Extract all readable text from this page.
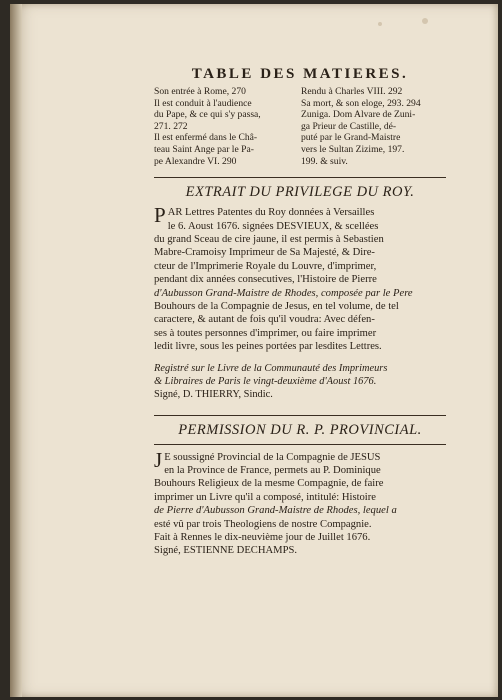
TABLE DES MATIERES.
Son entrée à Rome, 270
Il est conduit à l'audience
du Pape, & ce qui s'y passa,
271. 272
Il est enfermé dans le Châ-
teau Saint Ange par le Pa-
pe Alexandre VI. 290
Rendu à Charles VIII. 292
Sa mort, & son eloge, 293. 294
Zuniga. Dom Alvare de Zuni-
ga Prieur de Castille, dé-
puté par le Grand-Maistre
vers le Sultan Zizime, 197.
199. & suiv.
EXTRAIT DU PRIVILEGE DU ROY.
P AR Lettres Patentes du Roy données à Versailles
le 6. Aoust 1676. signées DESVIEUX, & scellées
du grand Sceau de cire jaune, il est permis à Sebastien
Mabre-Cramoisy Imprimeur de Sa Majesté, & Dire-
cteur de l'Imprimerie Royale du Louvre, d'imprimer,
pendant dix années consecutives, l'Histoire de Pierre
d'Aubusson Grand-Maistre de Rhodes, composée par le Pere
Bouhours de la Compagnie de Jesus, en tel volume, de tel
caractere, & autant de fois qu'il voudra: Avec défen-
ses à toutes personnes d'imprimer, ou faire imprimer
ledit livre, sous les peines portées par lesdites Lettres.
Registré sur le Livre de la Communauté des Imprimeurs
& Libraires de Paris le vingt-deuxième d'Aoust 1676.
Signé, D. THIERRY, Sindic.
PERMISSION DU R. P. PROVINCIAL.
J E soussigné Provincial de la Compagnie de JESUS
en la Province de France, permets au P. Dominique
Bouhours Religieux de la mesme Compagnie, de faire
imprimer un Livre qu'il a composé, intitulé: Histoire
de Pierre d'Aubusson Grand-Maistre de Rhodes, lequel a
esté vû par trois Theologiens de nostre Compagnie.
Fait à Rennes le dix-neuvième jour de Juillet 1676.
Signé, ESTIENNE DECHAMPS.
